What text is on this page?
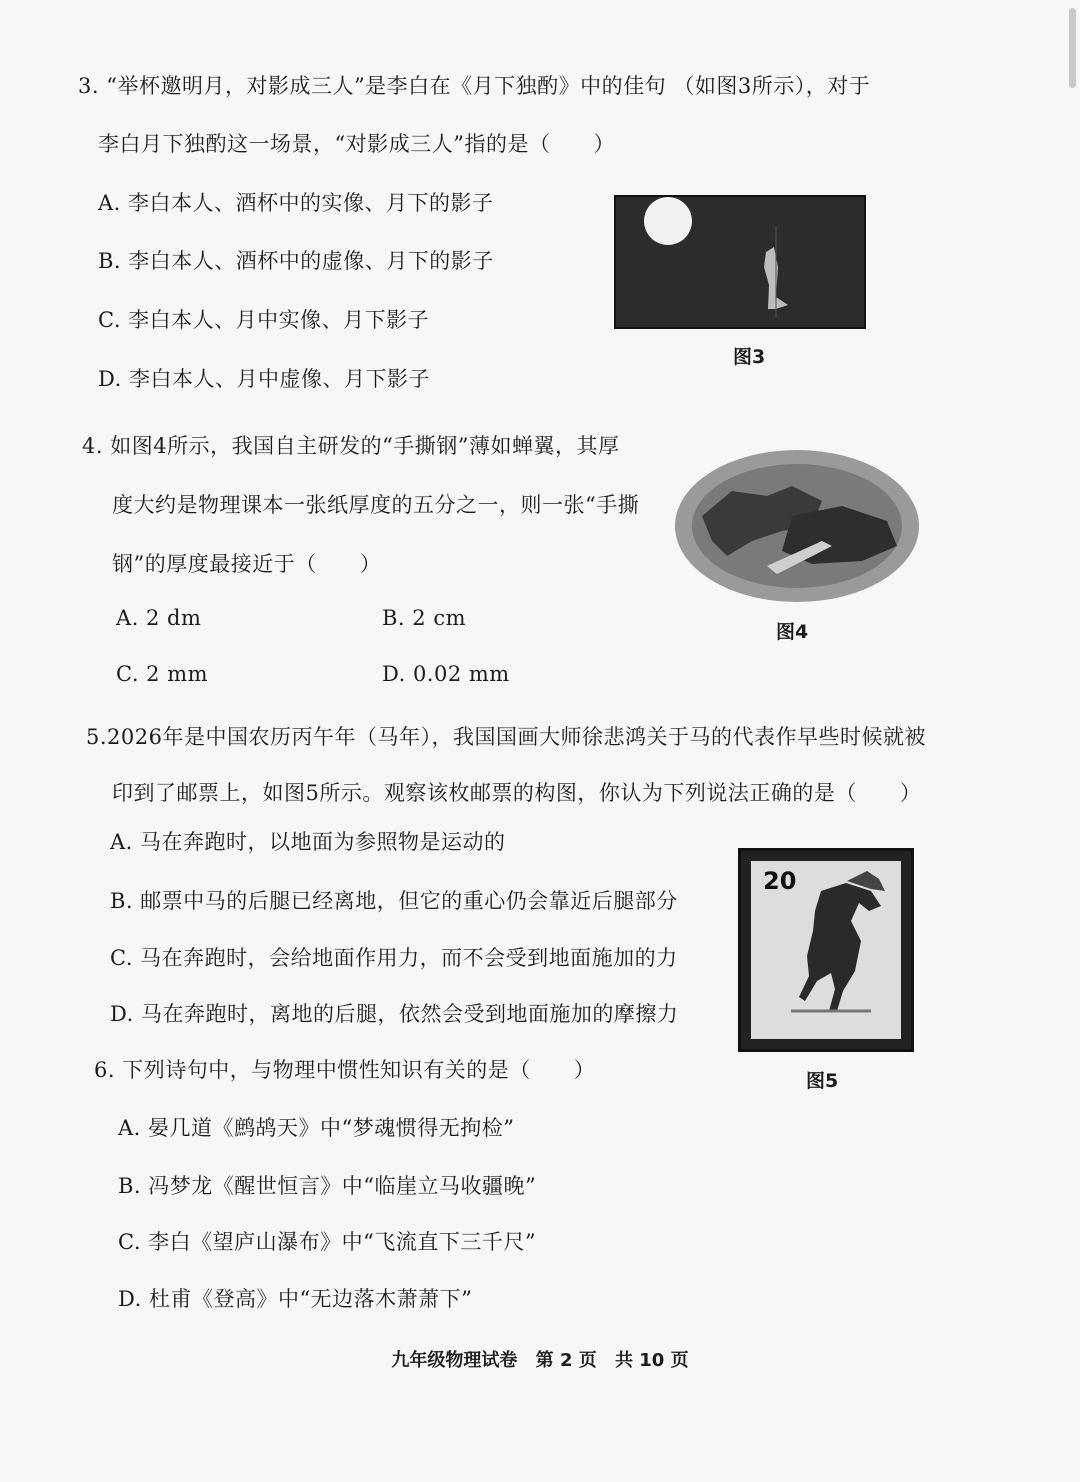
3. “举杯邀明月，对影成三人”是李白在《月下独酌》中的佳句 （如图3所示），对于
李白月下独酌这一场景，“对影成三人”指的是（　　）
A. 李白本人、酒杯中的实像、月下的影子
B. 李白本人、酒杯中的虚像、月下的影子
C. 李白本人、月中实像、月下影子
D. 李白本人、月中虚像、月下影子
图3
4. 如图4所示，我国自主研发的“手撕钢”薄如蝉翼，其厚
度大约是物理课本一张纸厚度的五分之一，则一张“手撕
钢”的厚度最接近于（　　）
A. 2 dm	B. 2 cm
C. 2 mm	D. 0.02 mm
图4
5.2026年是中国农历丙午年（马年），我国国画大师徐悲鸿关于马的代表作早些时候就被
印到了邮票上，如图5所示。观察该枚邮票的构图，你认为下列说法正确的是（　　）
A. 马在奔跑时，以地面为参照物是运动的
B. 邮票中马的后腿已经离地，但它的重心仍会靠近后腿部分
C. 马在奔跑时，会给地面作用力，而不会受到地面施加的力
D. 马在奔跑时，离地的后腿，依然会受到地面施加的摩擦力
20
图5
6. 下列诗句中，与物理中惯性知识有关的是（　　）
A. 晏几道《鹧鸪天》中“梦魂惯得无拘检”
B. 冯梦龙《醒世恒言》中“临崖立马收疆晚”
C. 李白《望庐山瀑布》中“飞流直下三千尺”
D. 杜甫《登高》中“无边落木萧萧下”
九年级物理试卷 第 2 页 共 10 页
